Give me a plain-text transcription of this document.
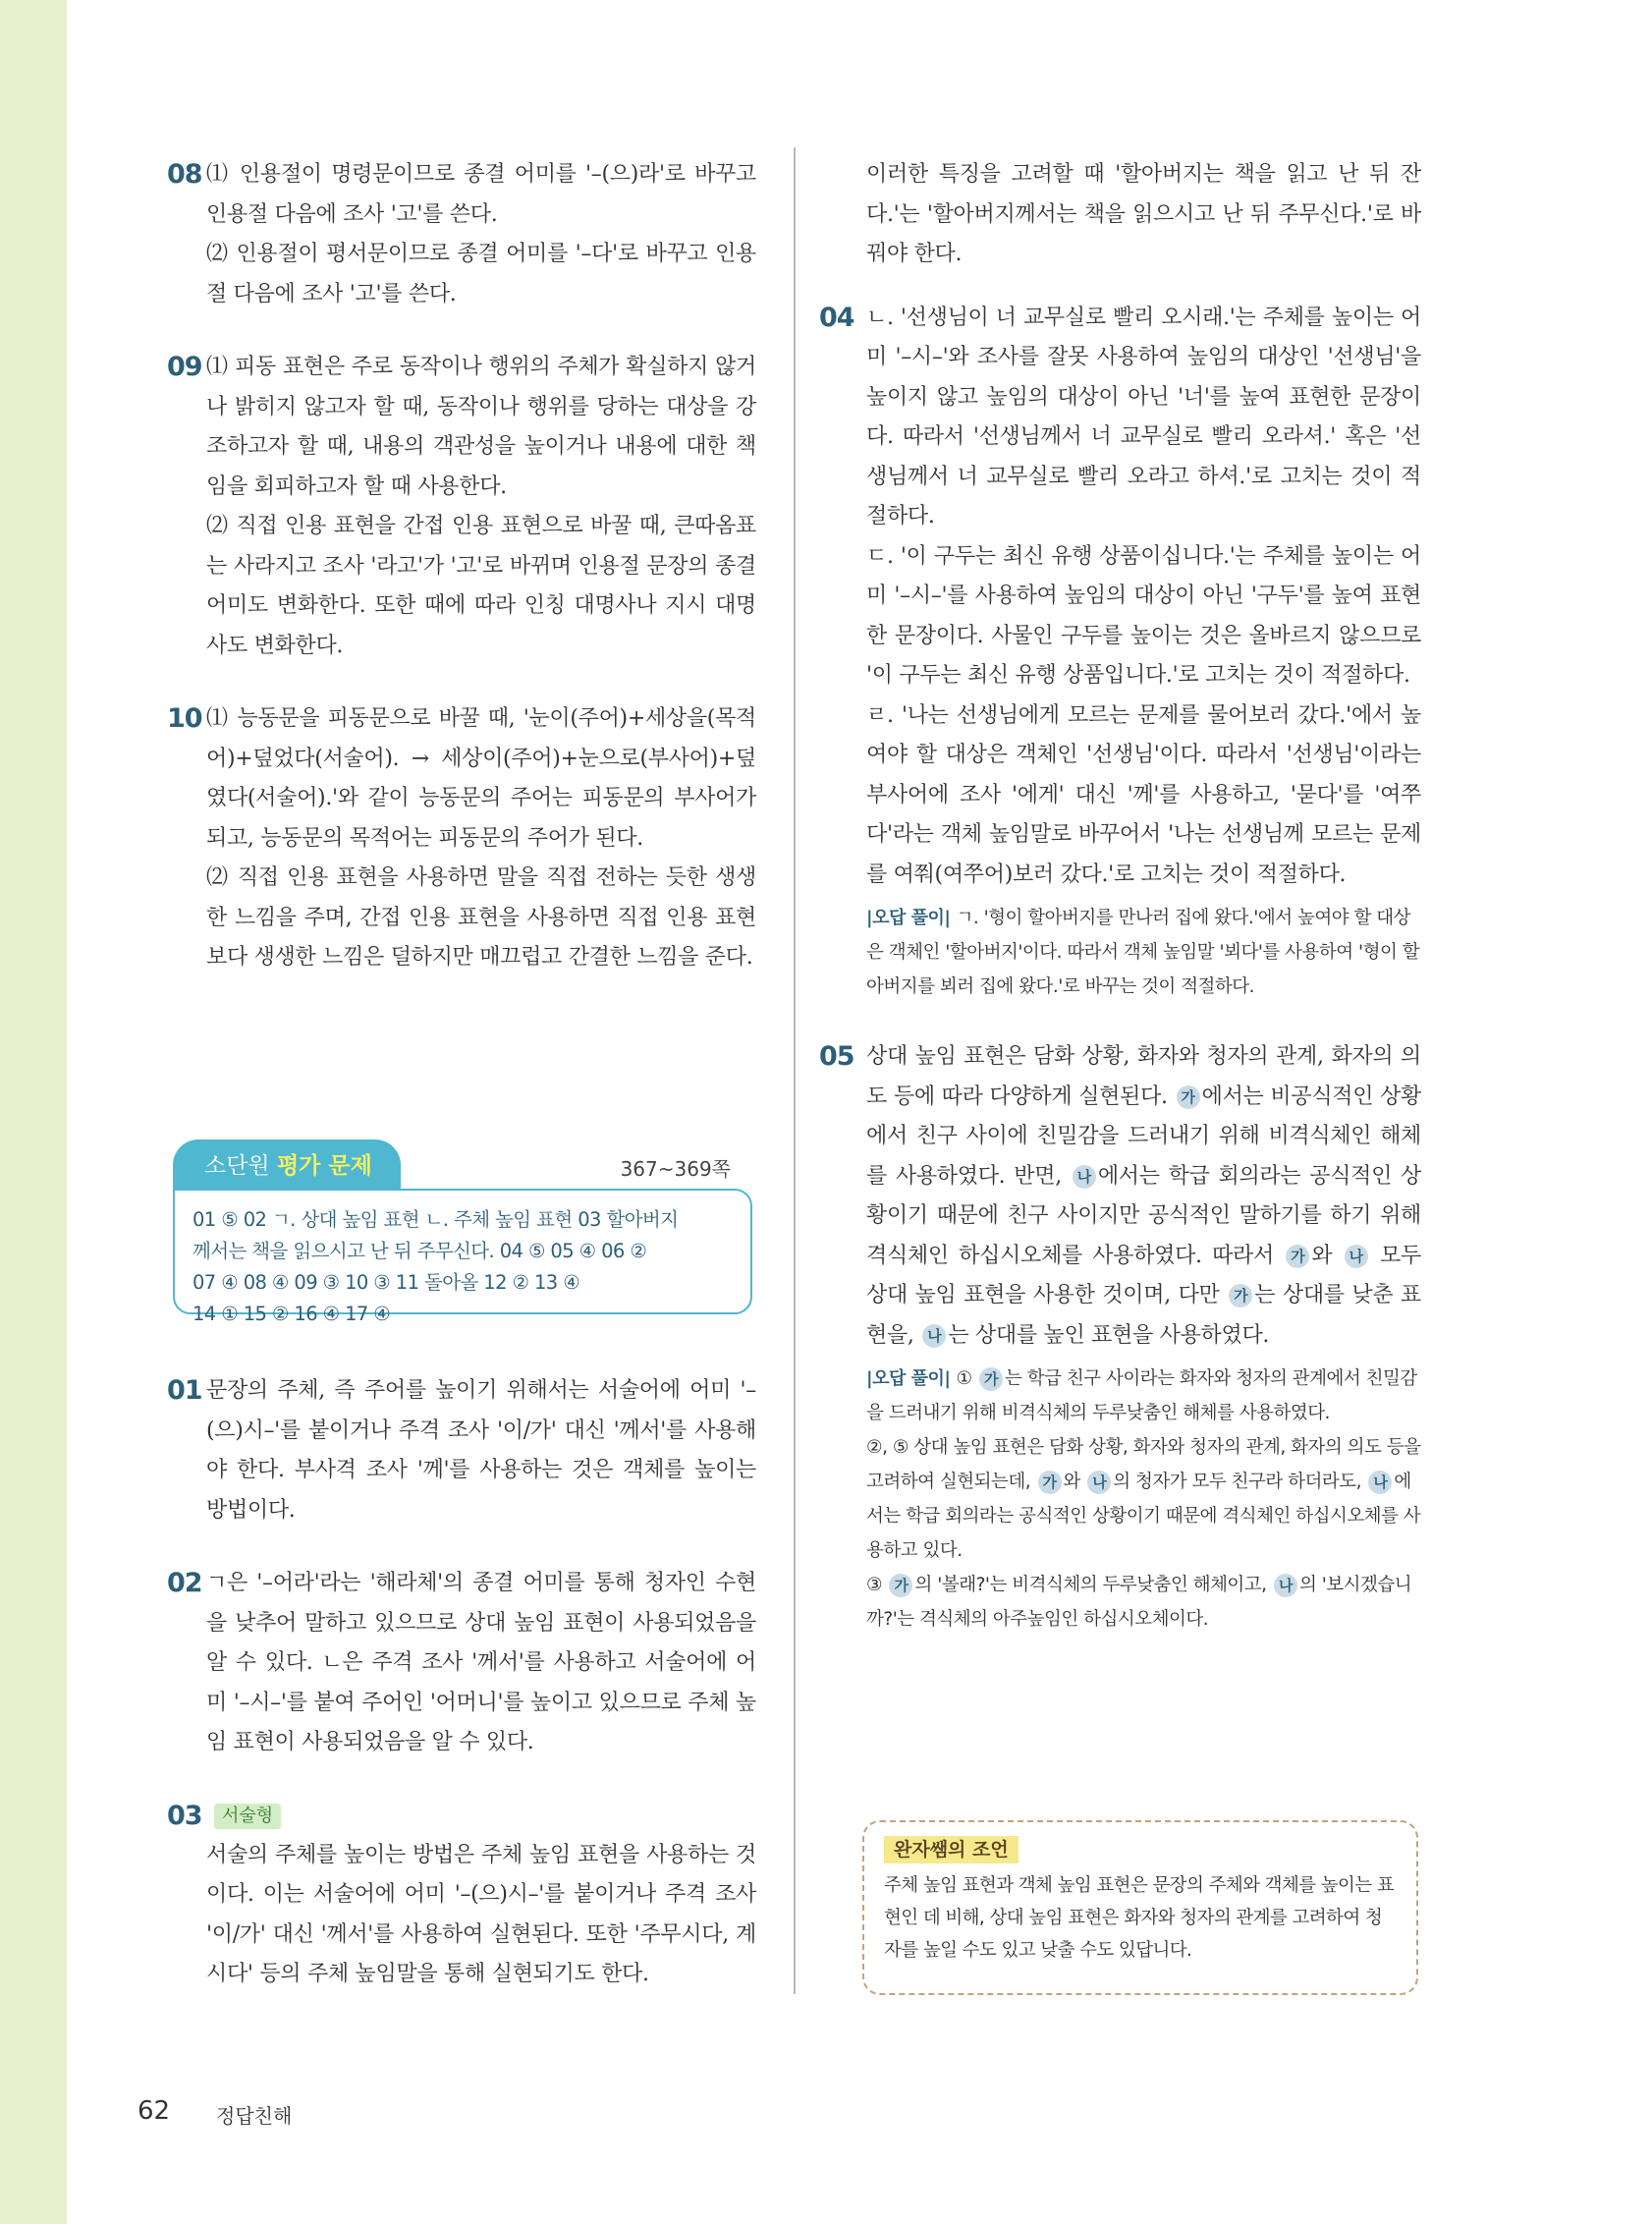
08 ⑴ 인용절이 명령문이므로 종결 어미를 '–(으)라'로 바꾸고 인용절 다음에 조사 '고'를 쓴다.

⑵ 인용절이 평서문이므로 종결 어미를 '–다'로 바꾸고 인용절 다음에 조사 '고'를 쓴다.

09 ⑴ 피동 표현은 주로 동작이나 행위의 주체가 확실하지 않거나 밝히지 않고자 할 때, 동작이나 행위를 당하는 대상을 강조하고자 할 때, 내용의 객관성을 높이거나 내용에 대한 책임을 회피하고자 할 때 사용한다.

⑵ 직접 인용 표현을 간접 인용 표현으로 바꿀 때, 큰따옴표는 사라지고 조사 '라고'가 '고'로 바뀌며 인용절 문장의 종결 어미도 변화한다. 또한 때에 따라 인칭 대명사나 지시 대명사도 변화한다.

10 ⑴ 능동문을 피동문으로 바꿀 때, '눈이(주어)+세상을(목적어)+덮었다(서술어). → 세상이(주어)+눈으로(부사어)+덮였다(서술어).'와 같이 능동문의 주어는 피동문의 부사어가 되고, 능동문의 목적어는 피동문의 주어가 된다.

⑵ 직접 인용 표현을 사용하면 말을 직접 전하는 듯한 생생한 느낌을 주며, 간접 인용 표현을 사용하면 직접 인용 표현보다 생생한 느낌은 덜하지만 매끄럽고 간결한 느낌을 준다.

소단원 평가 문제	367~369쪽
01 ⑤ 02 ㄱ. 상대 높임 표현 ㄴ. 주체 높임 표현 03 할아버지
께서는 책을 읽으시고 난 뒤 주무신다. 04 ⑤ 05 ④ 06 ②
07 ④ 08 ④ 09 ③ 10 ③ 11 돌아올 12 ② 13 ④
14 ① 15 ② 16 ④ 17 ④
01 문장의 주체, 즉 주어를 높이기 위해서는 서술어에 어미 '–(으)시–'를 붙이거나 주격 조사 '이/가' 대신 '께서'를 사용해야 한다. 부사격 조사 '께'를 사용하는 것은 객체를 높이는 방법이다.

02 ㄱ은 '–어라'라는 '해라체'의 종결 어미를 통해 청자인 수현을 낮추어 말하고 있으므로 상대 높임 표현이 사용되었음을 알 수 있다. ㄴ은 주격 조사 '께서'를 사용하고 서술어에 어미 '–시–'를 붙여 주어인 '어머니'를 높이고 있으므로 주체 높임 표현이 사용되었음을 알 수 있다.

03	서술형

서술의 주체를 높이는 방법은 주체 높임 표현을 사용하는 것이다. 이는 서술어에 어미 '–(으)시–'를 붙이거나 주격 조사 '이/가' 대신 '께서'를 사용하여 실현된다. 또한 '주무시다, 계시다' 등의 주체 높임말을 통해 실현되기도 한다.

이러한 특징을 고려할 때 '할아버지는 책을 읽고 난 뒤 잔다.'는 '할아버지께서는 책을 읽으시고 난 뒤 주무신다.'로 바꿔야 한다.

04 ㄴ. '선생님이 너 교무실로 빨리 오시래.'는 주체를 높이는 어미 '–시–'와 조사를 잘못 사용하여 높임의 대상인 '선생님'을 높이지 않고 높임의 대상이 아닌 '너'를 높여 표현한 문장이다. 따라서 '선생님께서 너 교무실로 빨리 오라셔.' 혹은 '선생님께서 너 교무실로 빨리 오라고 하셔.'로 고치는 것이 적절하다.

ㄷ. '이 구두는 최신 유행 상품이십니다.'는 주체를 높이는 어미 '–시–'를 사용하여 높임의 대상이 아닌 '구두'를 높여 표현한 문장이다. 사물인 구두를 높이는 것은 올바르지 않으므로 '이 구두는 최신 유행 상품입니다.'로 고치는 것이 적절하다.

ㄹ. '나는 선생님에게 모르는 문제를 물어보러 갔다.'에서 높여야 할 대상은 객체인 '선생님'이다. 따라서 '선생님'이라는 부사어에 조사 '에게' 대신 '께'를 사용하고, '묻다'를 '여쭈다'라는 객체 높임말로 바꾸어서 '나는 선생님께 모르는 문제를 여쭤(여쭈어)보러 갔다.'로 고치는 것이 적절하다.

|오답 풀이| ㄱ. '형이 할아버지를 만나러 집에 왔다.'에서 높여야 할 대상은 객체인 '할아버지'이다. 따라서 객체 높임말 '뵈다'를 사용하여 '형이 할아버지를 뵈러 집에 왔다.'로 바꾸는 것이 적절하다.
05 상대 높임 표현은 담화 상황, 화자와 청자의 관계, 화자의 의도 등에 따라 다양하게 실현된다. 가 에서는 비공식적인 상황에서 친구 사이에 친밀감을 드러내기 위해 비격식체인 해체를 사용하였다. 반면, 나 에서는 학급 회의라는 공식적인 상황이기 때문에 친구 사이지만 공식적인 말하기를 하기 위해 격식체인 하십시오체를 사용하였다. 따라서 가 와 나 모두 상대 높임 표현을 사용한 것이며, 다만 가 는 상대를 낮춘 표현을, 나 는 상대를 높인 표현을 사용하였다.

|오답 풀이| ① 가 는 학급 친구 사이라는 화자와 청자의 관계에서 친밀감을 드러내기 위해 비격식체의 두루낮춤인 해체를 사용하였다.
②, ⑤ 상대 높임 표현은 담화 상황, 화자와 청자의 관계, 화자의 의도 등을 고려하여 실현되는데, 가 와 나 의 청자가 모두 친구라 하더라도, 나 에서는 학급 회의라는 공식적인 상황이기 때문에 격식체인 하십시오체를 사용하고 있다.
③ 가 의 '볼래?'는 비격식체의 두루낮춤인 해체이고, 나 의 '보시겠습니까?'는 격식체의 아주높임인 하십시오체이다.
완자쌤의 조언
주체 높임 표현과 객체 높임 표현은 문장의 주체와 객체를 높이는 표현인 데 비해, 상대 높임 표현은 화자와 청자의 관계를 고려하여 청자를 높일 수도 있고 낮출 수도 있답니다.
62 정답친해
